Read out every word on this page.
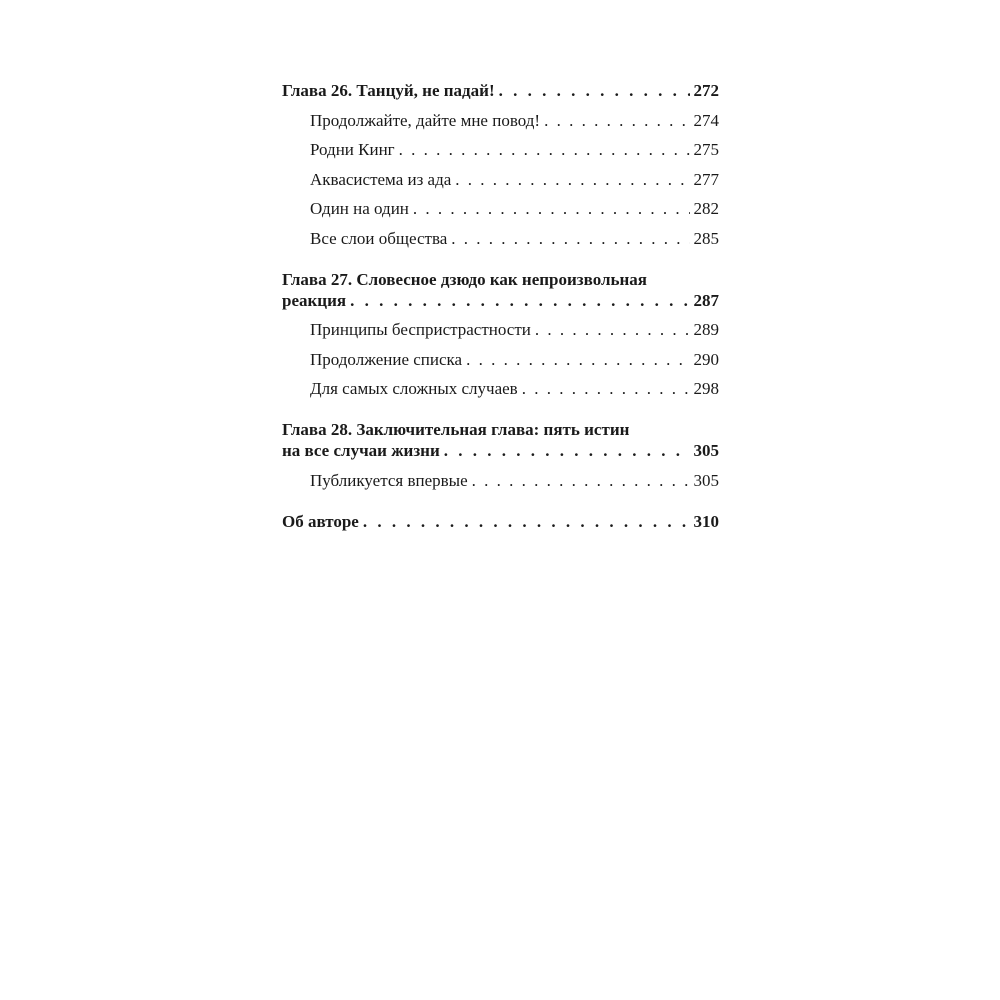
Глава 26. Танцуй, не падай! . . .	272
Продолжайте, дайте мне повод! . . .	274
Родни Кинг . . .	275
Аквасистема из ада . . .	277
Один на один . . .	282
Все слои общества . . .	285
Глава 27. Словесное дзюдо как непроизвольная
реакция . . .	287
Принципы беспристрастности . . .	289
Продолжение списка . . .	290
Для самых сложных случаев . . .	298
Глава 28. Заключительная глава: пять истин
на все случаи жизни . . .	305
Публикуется впервые . . .	305
Об авторе . . .	310
